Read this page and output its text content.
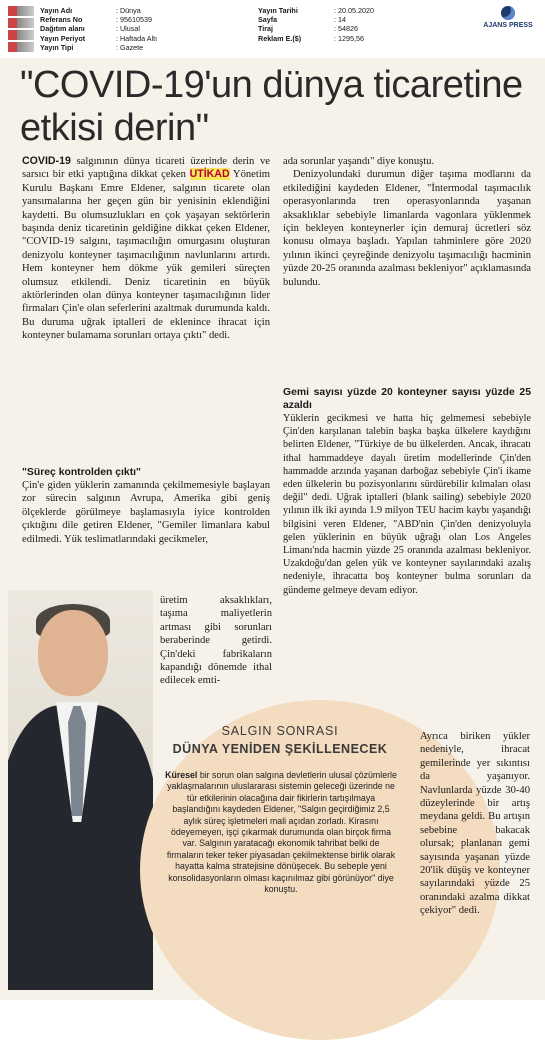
Yayın Adı	: Dünya
Referans No	: 95610539
Dağıtım alanı	: Ulusal
Yayın Periyot	: Haftada Altı
Yayın Tipi	: Gazete
Yayın Tarihi	: 20.05.2020
Sayfa	: 14
Tiraj	: 54826
Reklam E.($)	: 1295,56
AJANS PRESS
"COVID-19'un dünya ticaretine etkisi derin"

COVID-19 salgınının dünya ticareti üzerinde derin ve sarsıcı bir etki yaptığına dikkat çeken UTİKAD Yönetim Kurulu Başkanı Emre Eldener, salgının ticarete olan yansımalarına her geçen gün bir yenisinin eklendiğini kaydetti. Bu olumsuzlukları en çok yaşayan sektörlerin başında deniz ticaretinin geldiğine dikkat çeken Eldener, "COVID-19 salgını, taşımacılığın omurgasını oluşturan denizyolu konteyner taşımacılığının navlunlarını artırdı. Hem konteyner hem dökme yük gemileri süreçten olumsuz etkilendi. Deniz ticaretinin en büyük aktörlerinden olan dünya konteyner taşımacılığının lider firmaları Çin'e olan seferlerini azaltmak durumunda kaldı. Bu duruma uğrak iptalleri de eklenince ihracat için konteyner bulamama sorunları ortaya çıktı" dedi.

"Süreç kontrolden çıktı"

Çin'e giden yüklerin zamanında çekilmemesiyle başlayan zor sürecin salgının Avrupa, Amerika gibi geniş ölçeklerde görülmeye başlamasıyla iyice kontrolden çıktığını dile getiren Eldener, "Gemiler limanlara kabul edilmedi. Yük teslimatlarındaki gecikmeler,

üretim aksaklıkları, taşıma maliyetlerin artması gibi sorunları beraberinde getirdi. Çin'deki fabrikaların kapandığı dönemde ithal edilecek emti-

SALGIN SONRASI
DÜNYA YENİDEN ŞEKİLLENECEK

Küresel bir sorun olan salgına devletlerin ulusal çözümlerle yaklaşmalarının uluslararası sistemin geleceği üzerinde ne tür etkilerinin olacağına dair fikirlerin tartışılmaya başlandığını kaydeden Eldener, "Salgın geçirdiğimiz 2,5 aylık süreç işletmeleri mali açıdan zorladı. Kirasını ödeyemeyen, işçi çıkarmak durumunda olan birçok firma var. Salgının yaratacağı ekonomik tahribat belki de firmaların teker teker piyasadan çekilmektense birlik olarak hayatta kalma stratejisine dönüşecek. Bu sebeple yeni konsolidasyonların olması kaçınılmaz gibi görünüyor" diye konuştu.

ada sorunlar yaşandı" diye konuştu.

Denizyolundaki durumun diğer taşıma modlarını da etkilediğini kaydeden Eldener, "İntermodal taşımacılık operasyonlarında tren operasyonlarında yaşanan aksaklıklar sebebiyle limanlarda vagonlara yüklenmek için bekleyen konteynerler için demuraj ücretleri söz konusu olmaya başladı. Yapılan tahminlere göre 2020 yılının ikinci çeyreğinde denizyolu taşımacılığı hacminin yüzde 20-25 oranında azalması bekleniyor" açıklamasında bulundu.

Gemi sayısı yüzde 20 konteyner sayısı yüzde 25 azaldı

Yüklerin gecikmesi ve hatta hiç gelmemesi sebebiyle Çin'den karşılanan talebin başka başka ülkelere kaydığını belirten Eldener, "Türkiye de bu ülkelerden. Ancak, ihracatı ithal hammaddeye dayalı üretim modellerinde Çin'den hammadde arzında yaşanan darboğaz sebebiyle Çin'i ikame eden ülkelerin bu pozisyonlarını sürdürebilir kılmaları olası değil" dedi. Uğrak iptalleri (blank sailing) sebebiyle 2020 yılının ilk iki ayında 1.9 milyon TEU hacim kaybı yaşandığı bilgisini veren Eldener, "ABD'nin Çin'den denizyoluyla gelen yüklerinin en büyük uğrağı olan Los Angeles Limanı'nda hacmin yüzde 25 oranında azalması bekleniyor. Uzakdoğu'dan gelen yük ve konteyner sayılarındaki azalış nedeniyle, ihracatta boş konteyner bulma sorunları da gündeme gelmeye devam ediyor.

Ayrıca biriken yükler nedeniyle, ihracat gemilerinde yer sıkıntısı da yaşanıyor. Navlunlarda yüzde 30-40 düzeylerinde bir artış meydana geldi. Bu artışın sebebine bakacak olursak; planlanan gemi sayısında yaşanan yüzde 20'lik düşüş ve konteyner sayılarındaki yüzde 25 oranındaki azalma dikkat çekiyor" dedi.
